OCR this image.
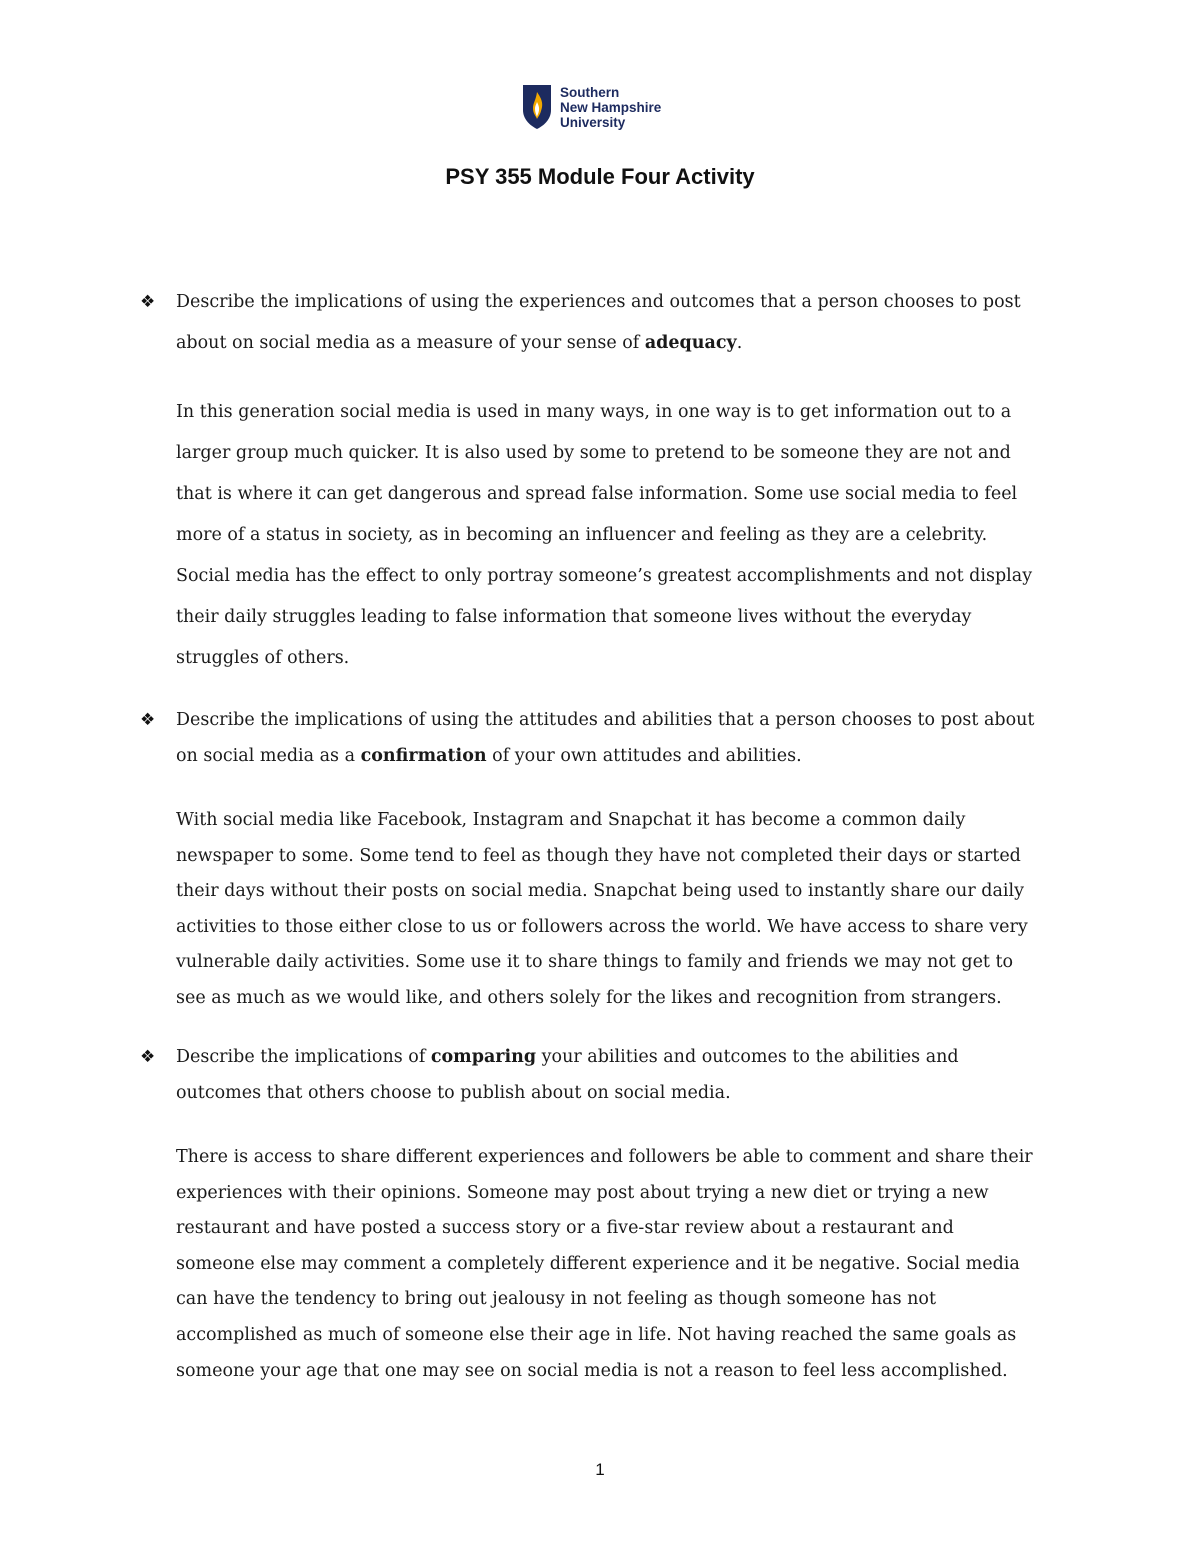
Southern
New Hampshire
University
PSY 355 Module Four Activity
❖ Describe the implications of using the experiences and outcomes that a person chooses to post
about on social media as a measure of your sense of adequacy.
In this generation social media is used in many ways, in one way is to get information out to a
larger group much quicker. It is also used by some to pretend to be someone they are not and
that is where it can get dangerous and spread false information. Some use social media to feel
more of a status in society, as in becoming an influencer and feeling as they are a celebrity.
Social media has the effect to only portray someone’s greatest accomplishments and not display
their daily struggles leading to false information that someone lives without the everyday
struggles of others.
❖ Describe the implications of using the attitudes and abilities that a person chooses to post about
on social media as a confirmation of your own attitudes and abilities.
With social media like Facebook, Instagram and Snapchat it has become a common daily
newspaper to some. Some tend to feel as though they have not completed their days or started
their days without their posts on social media. Snapchat being used to instantly share our daily
activities to those either close to us or followers across the world. We have access to share very
vulnerable daily activities. Some use it to share things to family and friends we may not get to
see as much as we would like, and others solely for the likes and recognition from strangers.
❖ Describe the implications of comparing your abilities and outcomes to the abilities and
outcomes that others choose to publish about on social media.
There is access to share different experiences and followers be able to comment and share their
experiences with their opinions. Someone may post about trying a new diet or trying a new
restaurant and have posted a success story or a five-star review about a restaurant and
someone else may comment a completely different experience and it be negative. Social media
can have the tendency to bring out jealousy in not feeling as though someone has not
accomplished as much of someone else their age in life. Not having reached the same goals as
someone your age that one may see on social media is not a reason to feel less accomplished.
1
